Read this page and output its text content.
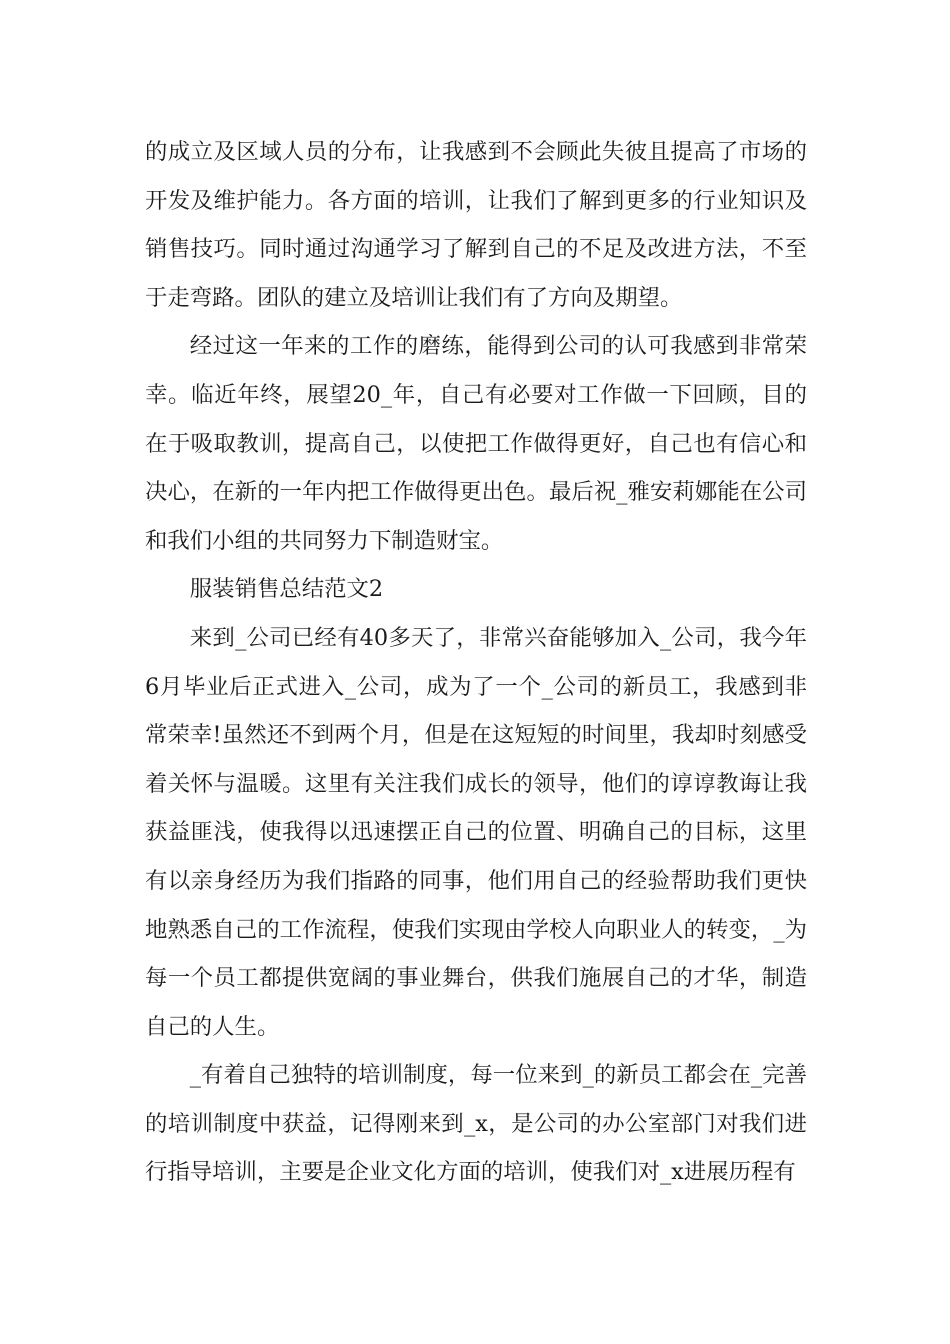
的成立及区域人员的分布，让我感到不会顾此失彼且提高了市场的开发及维护能力。各方面的培训，让我们了解到更多的行业知识及销售技巧。同时通过沟通学习了解到自己的不足及改进方法，不至于走弯路。团队的建立及培训让我们有了方向及期望。

经过这一年来的工作的磨练，能得到公司的认可我感到非常荣幸。临近年终，展望20_年，自己有必要对工作做一下回顾，目的在于吸取教训，提高自己，以使把工作做得更好，自己也有信心和决心，在新的一年内把工作做得更出色。最后祝_雅安莉娜能在公司和我们小组的共同努力下制造财宝。

服装销售总结范文2

来到_公司已经有40多天了，非常兴奋能够加入_公司，我今年6月毕业后正式进入_公司，成为了一个_公司的新员工，我感到非常荣幸!虽然还不到两个月，但是在这短短的时间里，我却时刻感受着关怀与温暖。这里有关注我们成长的领导，他们的谆谆教诲让我获益匪浅，使我得以迅速摆正自己的位置、明确自己的目标，这里有以亲身经历为我们指路的同事，他们用自己的经验帮助我们更快地熟悉自己的工作流程，使我们实现由学校人向职业人的转变，_为每一个员工都提供宽阔的事业舞台，供我们施展自己的才华，制造自己的人生。

_有着自己独特的培训制度，每一位来到_的新员工都会在_完善的培训制度中获益，记得刚来到_x，是公司的办公室部门对我们进行指导培训，主要是企业文化方面的培训，使我们对_x进展历程有
